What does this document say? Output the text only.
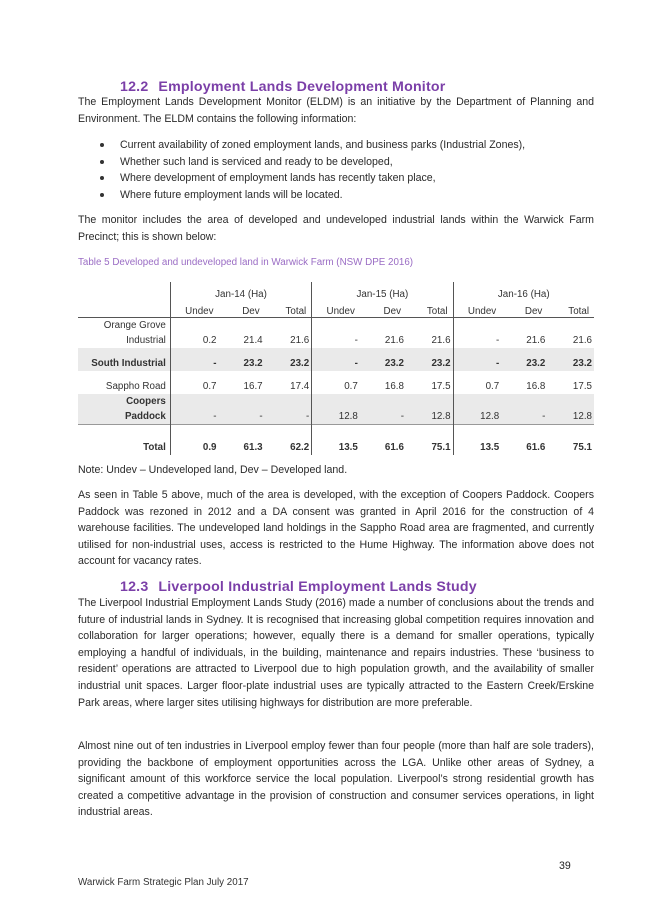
12.2 Employment Lands Development Monitor

The Employment Lands Development Monitor (ELDM) is an initiative by the Department of Planning and Environment. The ELDM contains the following information:

Current availability of zoned employment lands, and business parks (Industrial Zones),
Whether such land is serviced and ready to be developed,
Where development of employment lands has recently taken place,
Where future employment lands will be located.

The monitor includes the area of developed and undeveloped industrial lands within the Warwick Farm Precinct; this is shown below:

Table 5 Developed and undeveloped land in Warwick Farm (NSW DPE 2016)

	Jan-14 (Ha)			Jan-15 (Ha)			Jan-16 (Ha)		
	Undev	Dev	Total	Undev	Dev	Total	Undev	Dev	Total
Orange Grove									
Industrial	0.2	21.4	21.6	-	21.6	21.6	-	21.6	21.6

South Industrial	-	23.2	23.2	-	23.2	23.2	-	23.2	23.2

Sappho Road	0.7	16.7	17.4	0.7	16.8	17.5	0.7	16.8	17.5
Coopers									
Paddock	-	-	-	12.8	-	12.8	12.8	-	12.8
Total	0.9	61.3	62.2	13.5	61.6	75.1	13.5	61.6	75.1

Note: Undev – Undeveloped land, Dev – Developed land.

As seen in Table 5 above, much of the area is developed, with the exception of Coopers Paddock. Coopers Paddock was rezoned in 2012 and a DA consent was granted in April 2016 for the construction of 4 warehouse facilities. The undeveloped land holdings in the Sappho Road area are fragmented, and currently utilised for non-industrial uses, access is restricted to the Hume Highway. The information above does not account for vacancy rates.

12.3 Liverpool Industrial Employment Lands Study

The Liverpool Industrial Employment Lands Study (2016) made a number of conclusions about the trends and future of industrial lands in Sydney. It is recognised that increasing global competition requires innovation and collaboration for larger operations; however, equally there is a demand for smaller operations, typically employing a handful of individuals, in the building, maintenance and repairs industries. These ‘business to resident’ operations are attracted to Liverpool due to high population growth, and the availability of smaller industrial unit spaces. Larger floor-plate industrial uses are typically attracted to the Eastern Creek/Erskine Park areas, where larger sites utilising highways for distribution are more preferable.

Almost nine out of ten industries in Liverpool employ fewer than four people (more than half are sole traders), providing the backbone of employment opportunities across the LGA. Unlike other areas of Sydney, a significant amount of this workforce service the local population. Liverpool’s strong residential growth has created a competitive advantage in the provision of construction and consumer services operations, in light industrial areas.

39
Warwick Farm Strategic Plan July 2017
